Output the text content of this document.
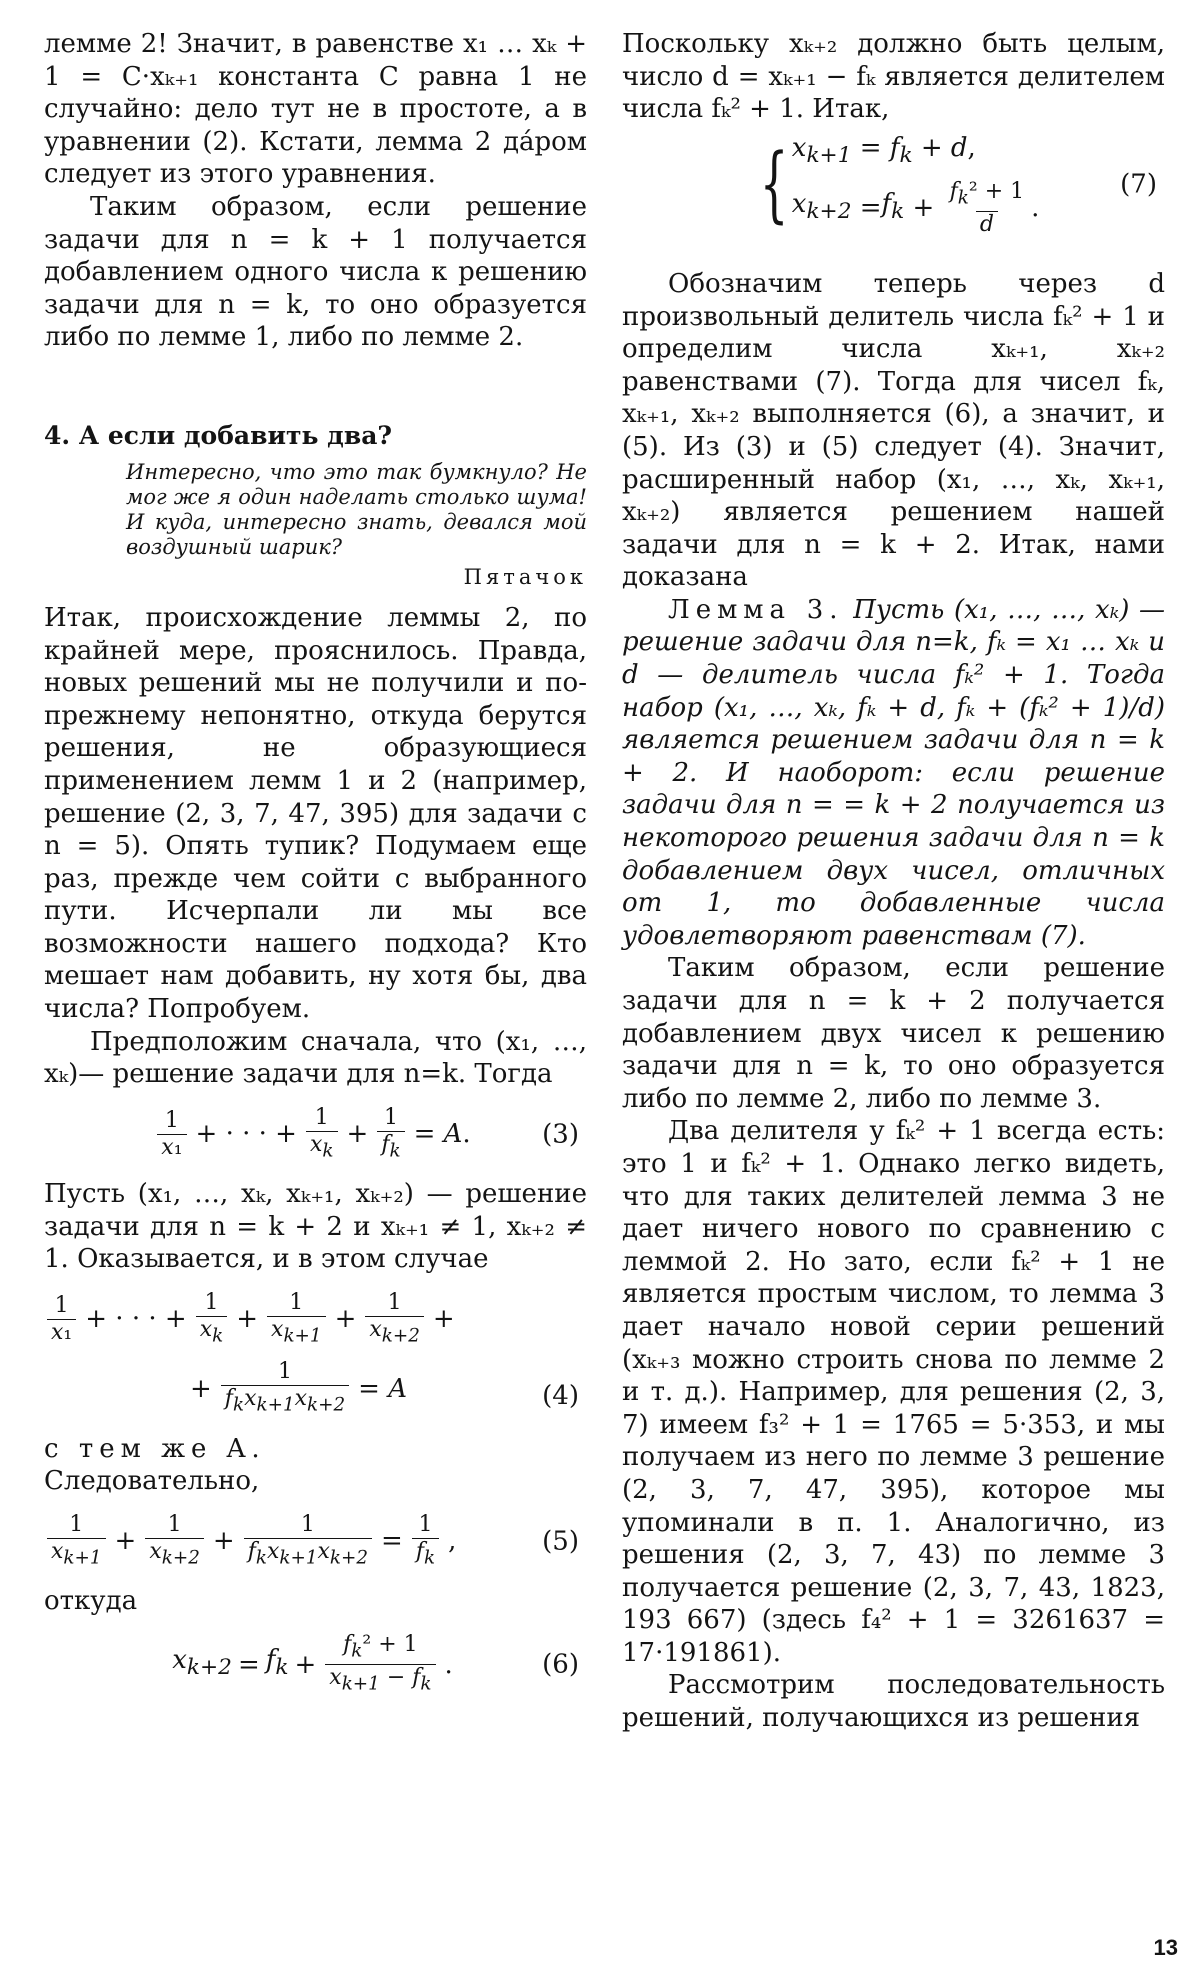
лемме 2! Значит, в равенстве x₁ … xₖ + 1 = C·xₖ₊₁ константа C равна 1 не случайно: дело тут не в простоте, а в уравнении (2). Кстати, лемма 2 да́ром следует из этого уравнения.

Таким образом, если решение задачи для n = k + 1 получается добавлением одного числа к решению задачи для n = k, то оно образуется либо по лемме 1, либо по лемме 2.

4. А если добавить два?

Интересно, что это так бумкнуло? Не мог же я один наделать столько шума! И куда, интересно знать, девался мой воздушный шарик?

Пятачок

Итак, происхождение леммы 2, по крайней мере, прояснилось. Правда, новых решений мы не получили и по-прежнему непонятно, откуда берутся решения, не образующиеся применением лемм 1 и 2 (например, решение (2, 3, 7, 47, 395) для задачи с n = 5). Опять тупик? Подумаем еще раз, прежде чем сойти с выбранного пути. Исчерпали ли мы все возможности нашего подхода? Кто мешает нам добавить, ну хотя бы, два числа? Попробуем.

Предположим сначала, что (x₁, …, xₖ)— решение задачи для n=k. Тогда

$\frac{1}{\text{x₁}}$ + · · · + $\frac{1}{x_k} + \frac{1}{f_k} = A$.	(3)

Пусть (x₁, …, xₖ, xₖ₊₁, xₖ₊₂) — решение задачи для n = k + 2 и xₖ₊₁ ≠ 1, xₖ₊₂ ≠ 1. Оказывается, и в этом случае

$\frac{1}{\text{x₁}}$ + · · · + $\frac{1}{x_k} + \frac{1}{x_{k+1}} + \frac{1}{x_{k+2}}$ +
+ $\frac{1}{f_kx_{k+1}x_{k+2}} = A$	(4)

с тем же A.

Следовательно,

$\frac{1}{x_{k+1}} + \frac{1}{x_{k+2}} + \frac{1}{f_kx_{k+1}x_{k+2}} = \frac{1}{f_k}$ ,	(5)

откуда

$x_{k+2} = f_k + \frac{f_k^2 + 1}{x_{k+1} - f_k}$ .	(6)

Поскольку xₖ₊₂ должно быть целым, число d = xₖ₊₁ − fₖ является делителем числа fₖ² + 1. Итак,

{ $x_{k+1} = f_k + d$,
$x_{k+2} = f_k + \frac{f_k^2 + 1}{d}$ .
(7)

Обозначим теперь через d произвольный делитель числа fₖ² + 1 и определим числа xₖ₊₁, xₖ₊₂ равенствами (7). Тогда для чисел fₖ, xₖ₊₁, xₖ₊₂ выполняется (6), а значит, и (5). Из (3) и (5) следует (4). Значит, расширенный набор (x₁, …, xₖ, xₖ₊₁, xₖ₊₂) является решением нашей задачи для n = k + 2. Итак, нами доказана

Лемма 3. Пусть (x₁, …, …, xₖ) — решение задачи для n=k, fₖ = x₁ … xₖ и d — делитель числа fₖ² + 1. Тогда набор (x₁, …, xₖ, fₖ + d, fₖ + (fₖ² + 1)/d) является решением задачи для n = k + 2. И наоборот: если решение задачи для n = = k + 2 получается из некоторого решения задачи для n = k добавлением двух чисел, отличных от 1, то добавленные числа удовлетворяют равенствам (7).

Таким образом, если решение задачи для n = k + 2 получается добавлением двух чисел к решению задачи для n = k, то оно образуется либо по лемме 2, либо по лемме 3.

Два делителя у fₖ² + 1 всегда есть: это 1 и fₖ² + 1. Однако легко видеть, что для таких делителей лемма 3 не дает ничего нового по сравнению с леммой 2. Но зато, если fₖ² + 1 не является простым числом, то лемма 3 дает начало новой серии решений (xₖ₊₃ можно строить снова по лемме 2 и т. д.). Например, для решения (2, 3, 7) имеем f₃² + 1 = 1765 = 5·353, и мы получаем из него по лемме 3 решение (2, 3, 7, 47, 395), которое мы упоминали в п. 1. Аналогично, из решения (2, 3, 7, 43) по лемме 3 получается решение (2, 3, 7, 43, 1823, 193 667) (здесь f₄² + 1 = 3261637 = 17·191861).

Рассмотрим последовательность решений, получающихся из решения

13
